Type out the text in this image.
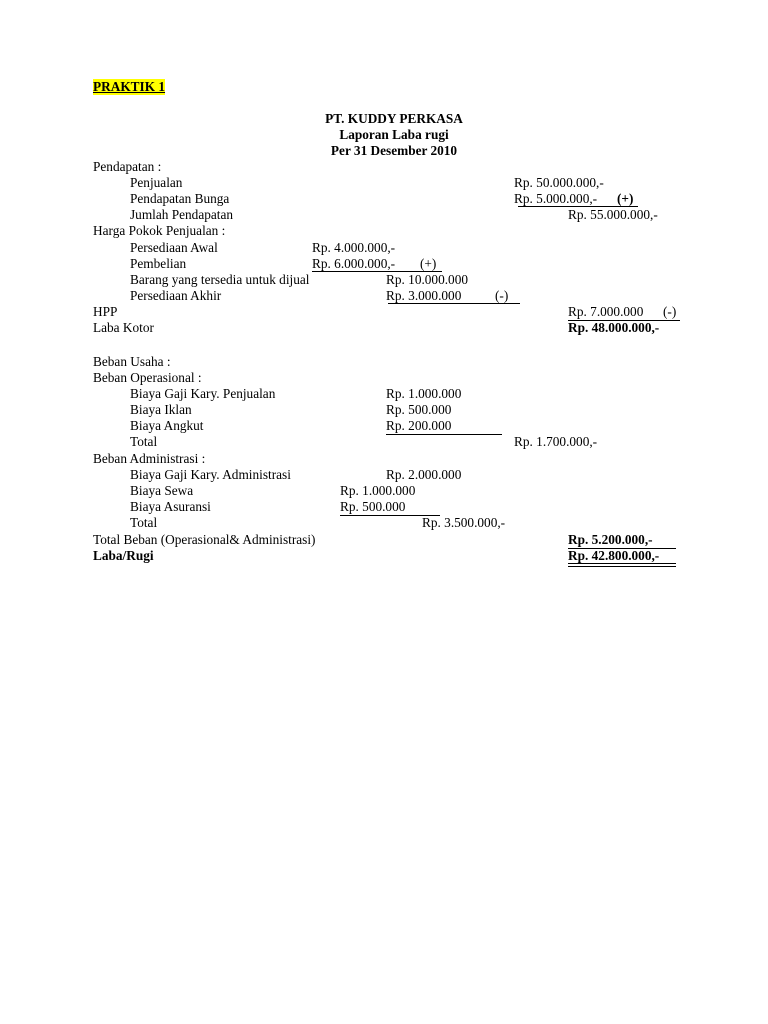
PRAKTIK 1
PT. KUDDY PERKASA
Laporan Laba rugi
Per 31 Desember 2010
Pendapatan :
Penjualan	Rp. 50.000.000,-
Pendapatan Bunga	Rp. 5.000.000,- (+)
Jumlah Pendapatan	Rp. 55.000.000,-
Harga Pokok Penjualan :
Persediaan Awal	Rp. 4.000.000,-
Pembelian	Rp. 6.000.000,- (+)
Barang yang tersedia untuk dijual	Rp. 10.000.000
Persediaan Akhir	Rp. 3.000.000	(-)
HPP	Rp. 7.000.000 (-)
Laba Kotor	Rp. 48.000.000,-
Beban Usaha :
Beban Operasional :
Biaya Gaji Kary. Penjualan	Rp. 1.000.000
Biaya Iklan	Rp. 500.000
Biaya Angkut	Rp. 200.000
Total	Rp. 1.700.000,-
Beban Administrasi :
Biaya Gaji Kary. Administrasi	Rp. 2.000.000
Biaya Sewa	Rp. 1.000.000
Biaya Asuransi	Rp. 500.000
Total	Rp. 3.500.000,-
Total Beban (Operasional& Administrasi)	Rp. 5.200.000,-
Laba/Rugi	Rp. 42.800.000,-
